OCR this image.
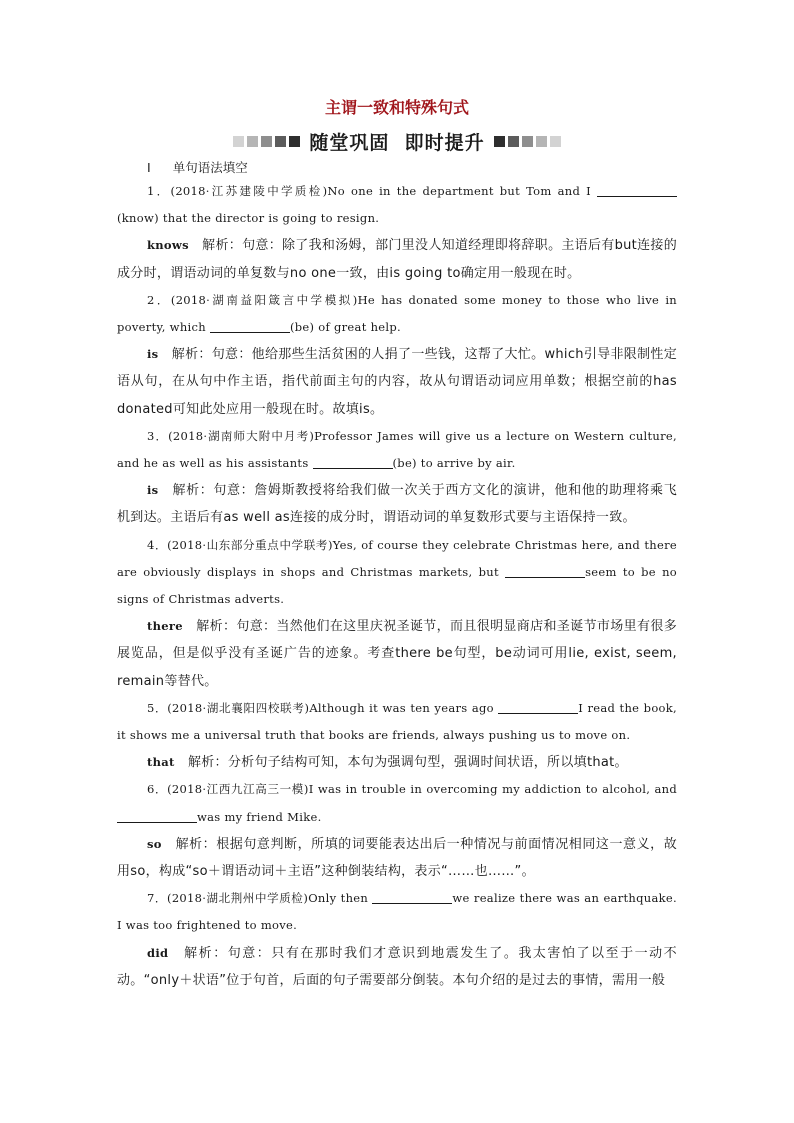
主谓一致和特殊句式
随堂巩固  即时提升
Ⅰ 单句语法填空

1．(2018·江苏建陵中学质检)No one in the department but Tom and I (know) that the director is going to resign.

knows　解析：句意：除了我和汤姆，部门里没人知道经理即将辞职。主语后有but连接的成分时，谓语动词的单复数与no one一致，由is going to确定用一般现在时。

2．(2018·湖南益阳箴言中学模拟)He has donated some money to those who live in poverty, which	(be) of great help.

is　解析：句意：他给那些生活贫困的人捐了一些钱，这帮了大忙。which引导非限制性定语从句，在从句中作主语，指代前面主句的内容，故从句谓语动词应用单数；根据空前的has donated可知此处应用一般现在时。故填is。

3．(2018·湖南师大附中月考)Professor James will give us a lecture on Western culture, and he as well as his assistants	(be) to arrive by air.

is　解析：句意：詹姆斯教授将给我们做一次关于西方文化的演讲，他和他的助理将乘飞机到达。主语后有as well as连接的成分时，谓语动词的单复数形式要与主语保持一致。

4．(2018·山东部分重点中学联考)Yes, of course they celebrate Christmas here, and there are obviously displays in shops and Christmas markets, but	seem to be no signs of Christmas adverts.

there　解析：句意：当然他们在这里庆祝圣诞节，而且很明显商店和圣诞节市场里有很多展览品，但是似乎没有圣诞广告的迹象。考查there be句型，be动词可用lie, exist, seem, remain等替代。

5．(2018·湖北襄阳四校联考)Although it was ten years ago	I read the book, it shows me a universal truth that books are friends, always pushing us to move on.

that　解析：分析句子结构可知，本句为强调句型，强调时间状语，所以填that。

6．(2018·江西九江高三一模)I was in trouble in overcoming my addiction to alcohol, and was my friend Mike.

so　解析：根据句意判断，所填的词要能表达出后一种情况与前面情况相同这一意义，故用so，构成“so＋谓语动词＋主语”这种倒装结构，表示“……也……”。

7．(2018·湖北荆州中学质检)Only then	we realize there was an earthquake. I was too frightened to move.

did　解析：句意：只有在那时我们才意识到地震发生了。我太害怕了以至于一动不动。“only＋状语”位于句首，后面的句子需要部分倒装。本句介绍的是过去的事情，需用一般
